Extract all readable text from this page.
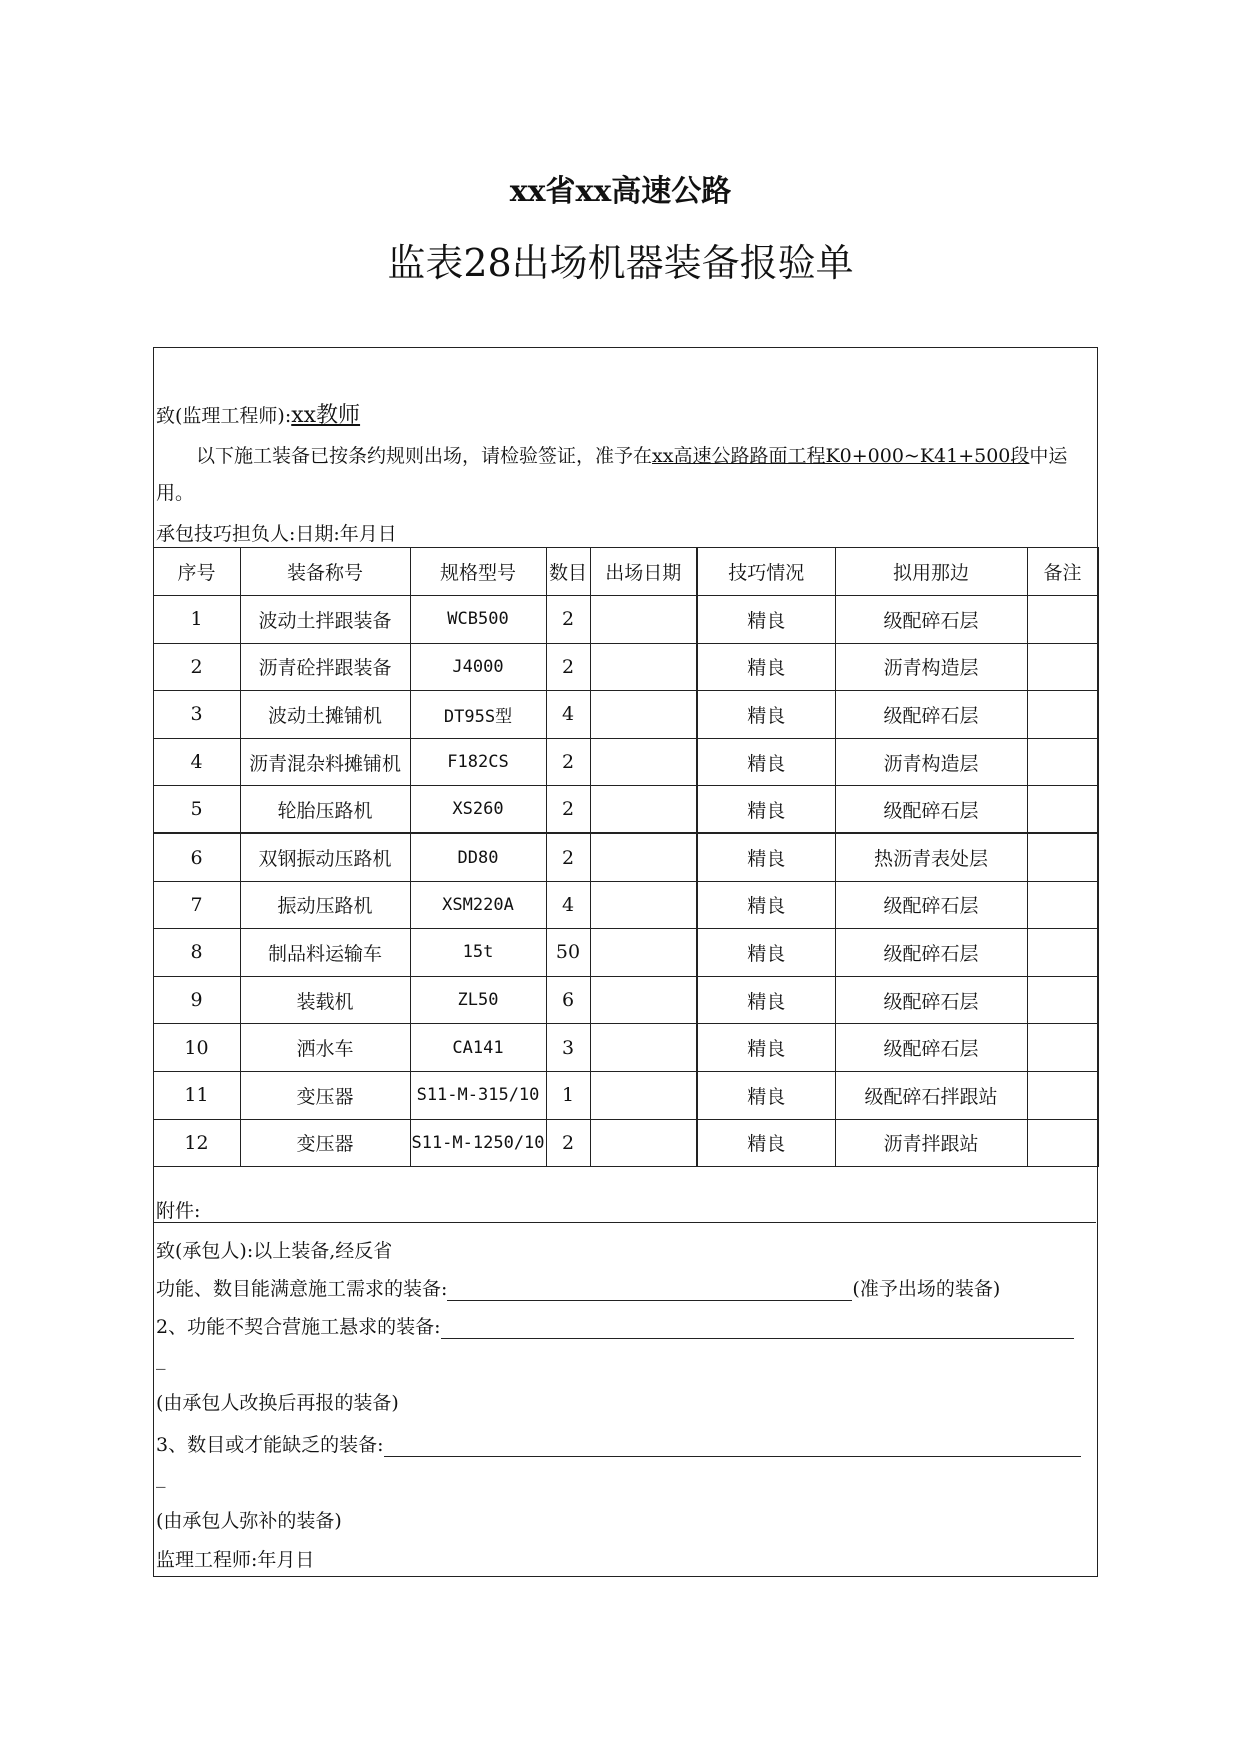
xx省xx高速公路
监表28出场机器装备报验单
致(监理工程师):xx教师
以下施工装备已按条约规则出场，请检验签证，准予在xx高速公路路面工程K0+000~K41+500段中运
用。
承包技巧担负人:日期:年月日
序号	装备称号	规格型号	数目	出场日期	技巧情况	拟用那边	备注
1	波动土拌跟装备	WCB500	2		精良	级配碎石层	
2	沥青砼拌跟装备	J4000	2		精良	沥青构造层	
3	波动土摊铺机	DT95S型	4		精良	级配碎石层	
4	沥青混杂料摊铺机	F182CS	2		精良	沥青构造层	
5	轮胎压路机	XS260	2		精良	级配碎石层	
6	双钢振动压路机	DD80	2		精良	热沥青表处层	
7	振动压路机	XSM220A	4		精良	级配碎石层	
8	制品料运输车	15t	50		精良	级配碎石层	
9	装载机	ZL50	6		精良	级配碎石层	
10	洒水车	CA141	3		精良	级配碎石层	
11	变压器	S11-M-315/10	1		精良	级配碎石拌跟站	
12	变压器	S11-M-1250/10	2		精良	沥青拌跟站	
附件:
致(承包人):以上装备,经反省
功能、数目能满意施工需求的装备:	(准予出场的装备)
2、功能不契合营施工悬求的装备:
_
(由承包人改换后再报的装备)
3、数目或才能缺乏的装备:
_
(由承包人弥补的装备)
监理工程师:年月日
